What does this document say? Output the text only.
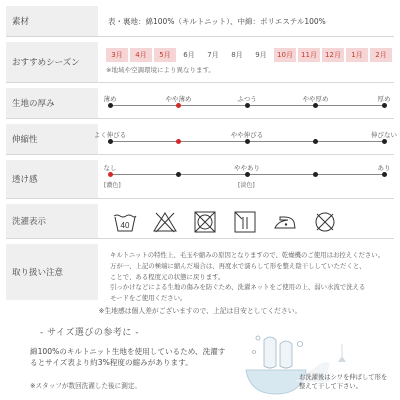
素材	表・裏地：綿100%（キルトニット）、中綿：ポリエステル100%
おすすめシーズン
3月	4月	5月	6月	7月	8月	9月	10月	11月	12月	1月	2月
※地域や空調環境により異なります。
生地の厚み	薄め	やや薄め	ふつう	やや厚め	厚め
伸縮性	よく伸びる	やや伸びる	伸びない
透け感
なし	ややあり	あり
[濃色]	[淡色]
洗濯表示	40
取り扱い注意
キルトニットの特性上、毛玉や縮みの原因となりますので、乾燥機のご使用はお控えください。
万が一、上記の極端に縮んだ場合は、再度水で濡らして形を整え陰干ししていただくと、
ことで、ある程度元の状態に戻ります。
引っかけなどによる生地の傷みを防ぐため、洗濯ネットをご使用の上、弱い水流で洗える
モードをご使用ください。
※生地感は個人差がございますので、上記は目安としてください。
- サイズ選びの参考に -
綿100%のキルトニット生地を使用しているため、洗濯するとサイズ表より約3%程度の縮みがあります。
※スタッフが数回洗濯した後に測定。
お洗濯後はシワを伸ばして形を整えて干して下さい。
